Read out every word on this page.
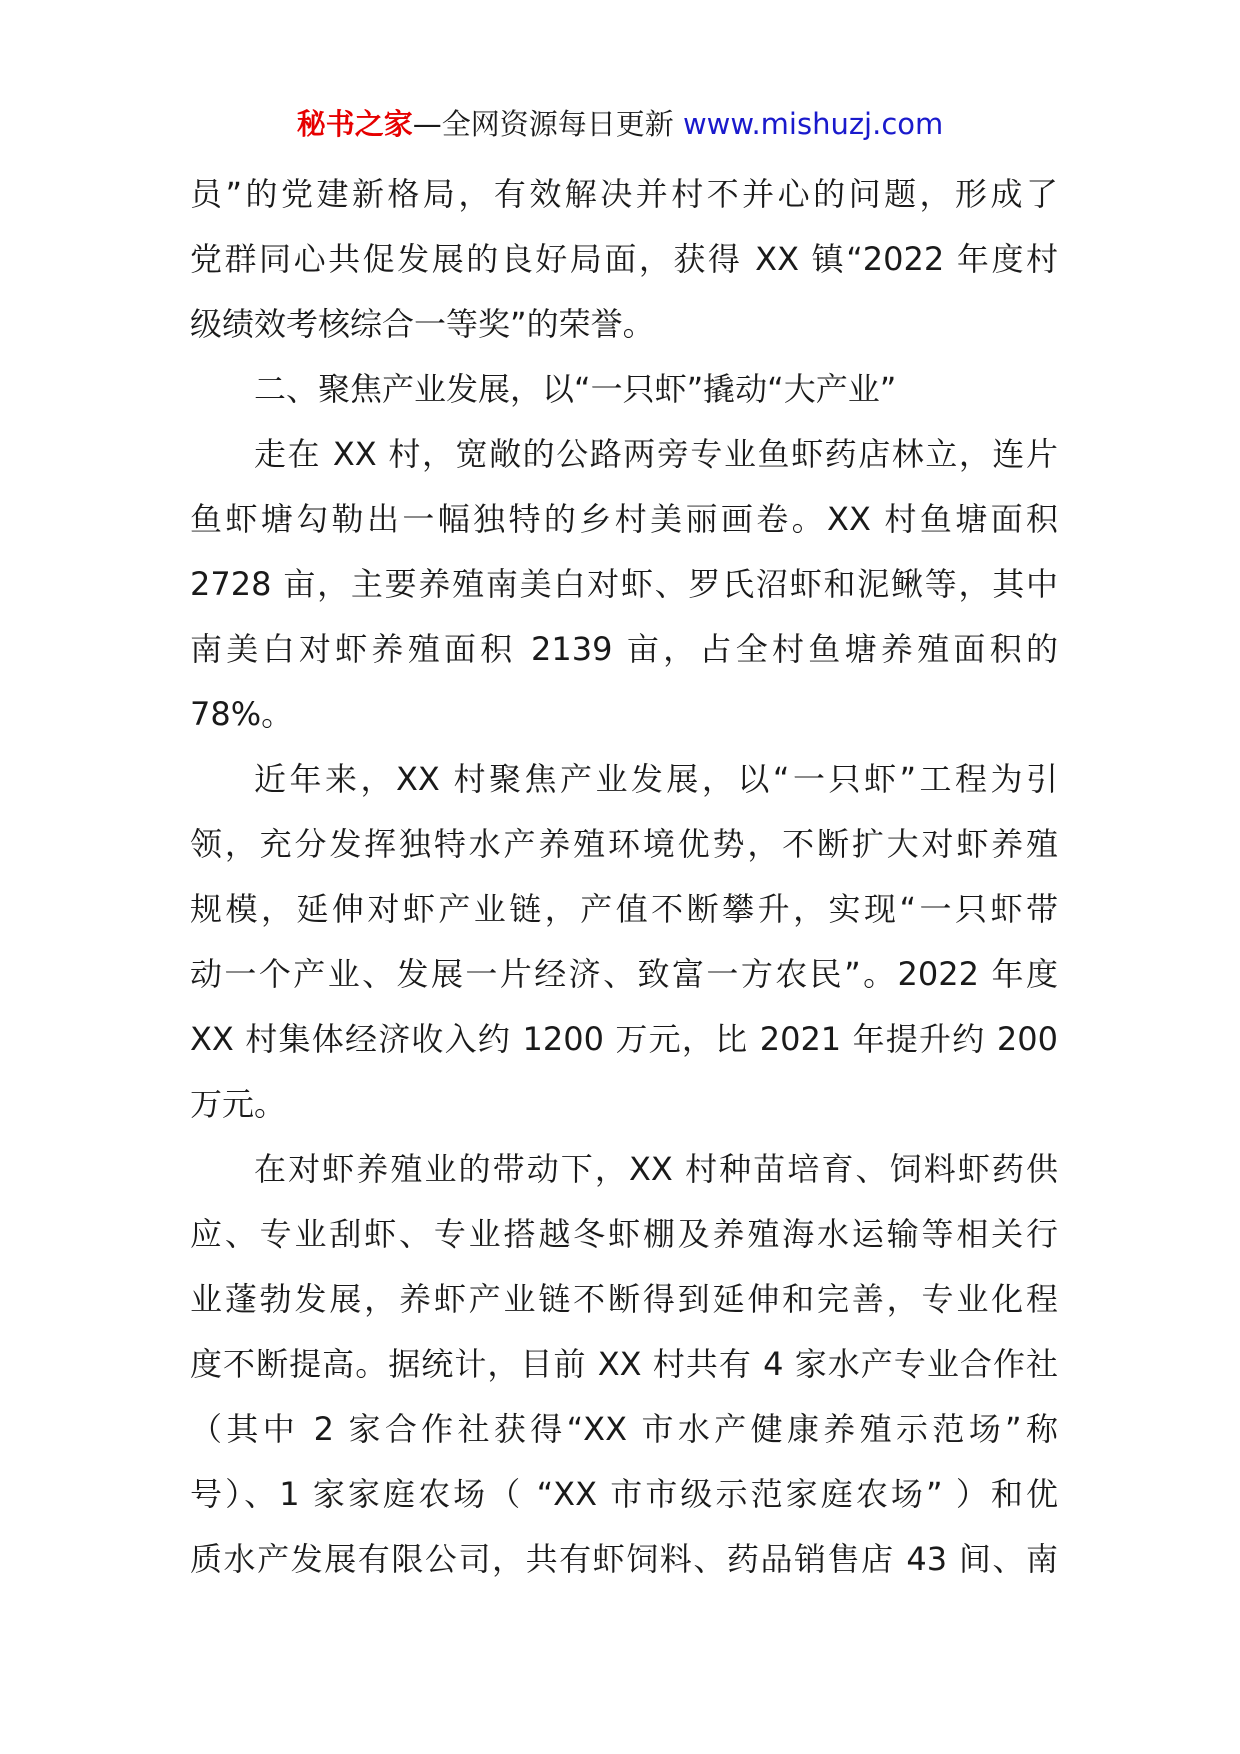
秘书之家—全网资源每日更新 www.mishuzj.com
员”的党建新格局，有效解决并村不并心的问题，形成了
党群同心共促发展的良好局面，获得 XX 镇“2022 年度村
级绩效考核综合一等奖”的荣誉。
二、聚焦产业发展，以“一只虾”撬动“大产业”
走在 XX 村，宽敞的公路两旁专业鱼虾药店林立，连片
鱼虾塘勾勒出一幅独特的乡村美丽画卷。XX 村鱼塘面积
2728 亩，主要养殖南美白对虾、罗氏沼虾和泥鳅等，其中
南美白对虾养殖面积 2139 亩，占全村鱼塘养殖面积的
78%。
近年来，XX 村聚焦产业发展，以“一只虾”工程为引
领，充分发挥独特水产养殖环境优势，不断扩大对虾养殖
规模，延伸对虾产业链，产值不断攀升，实现“一只虾带
动一个产业、发展一片经济、致富一方农民”。2022 年度
XX 村集体经济收入约 1200 万元，比 2021 年提升约 200
万元。
在对虾养殖业的带动下，XX 村种苗培育、饲料虾药供
应、专业刮虾、专业搭越冬虾棚及养殖海水运输等相关行
业蓬勃发展，养虾产业链不断得到延伸和完善，专业化程
度不断提高。据统计，目前 XX 村共有 4 家水产专业合作社
（其中 2 家合作社获得“XX 市水产健康养殖示范场”称
号）、1 家家庭农场（ “XX 市市级示范家庭农场” ）和优
质水产发展有限公司，共有虾饲料、药品销售店 43 间、南
